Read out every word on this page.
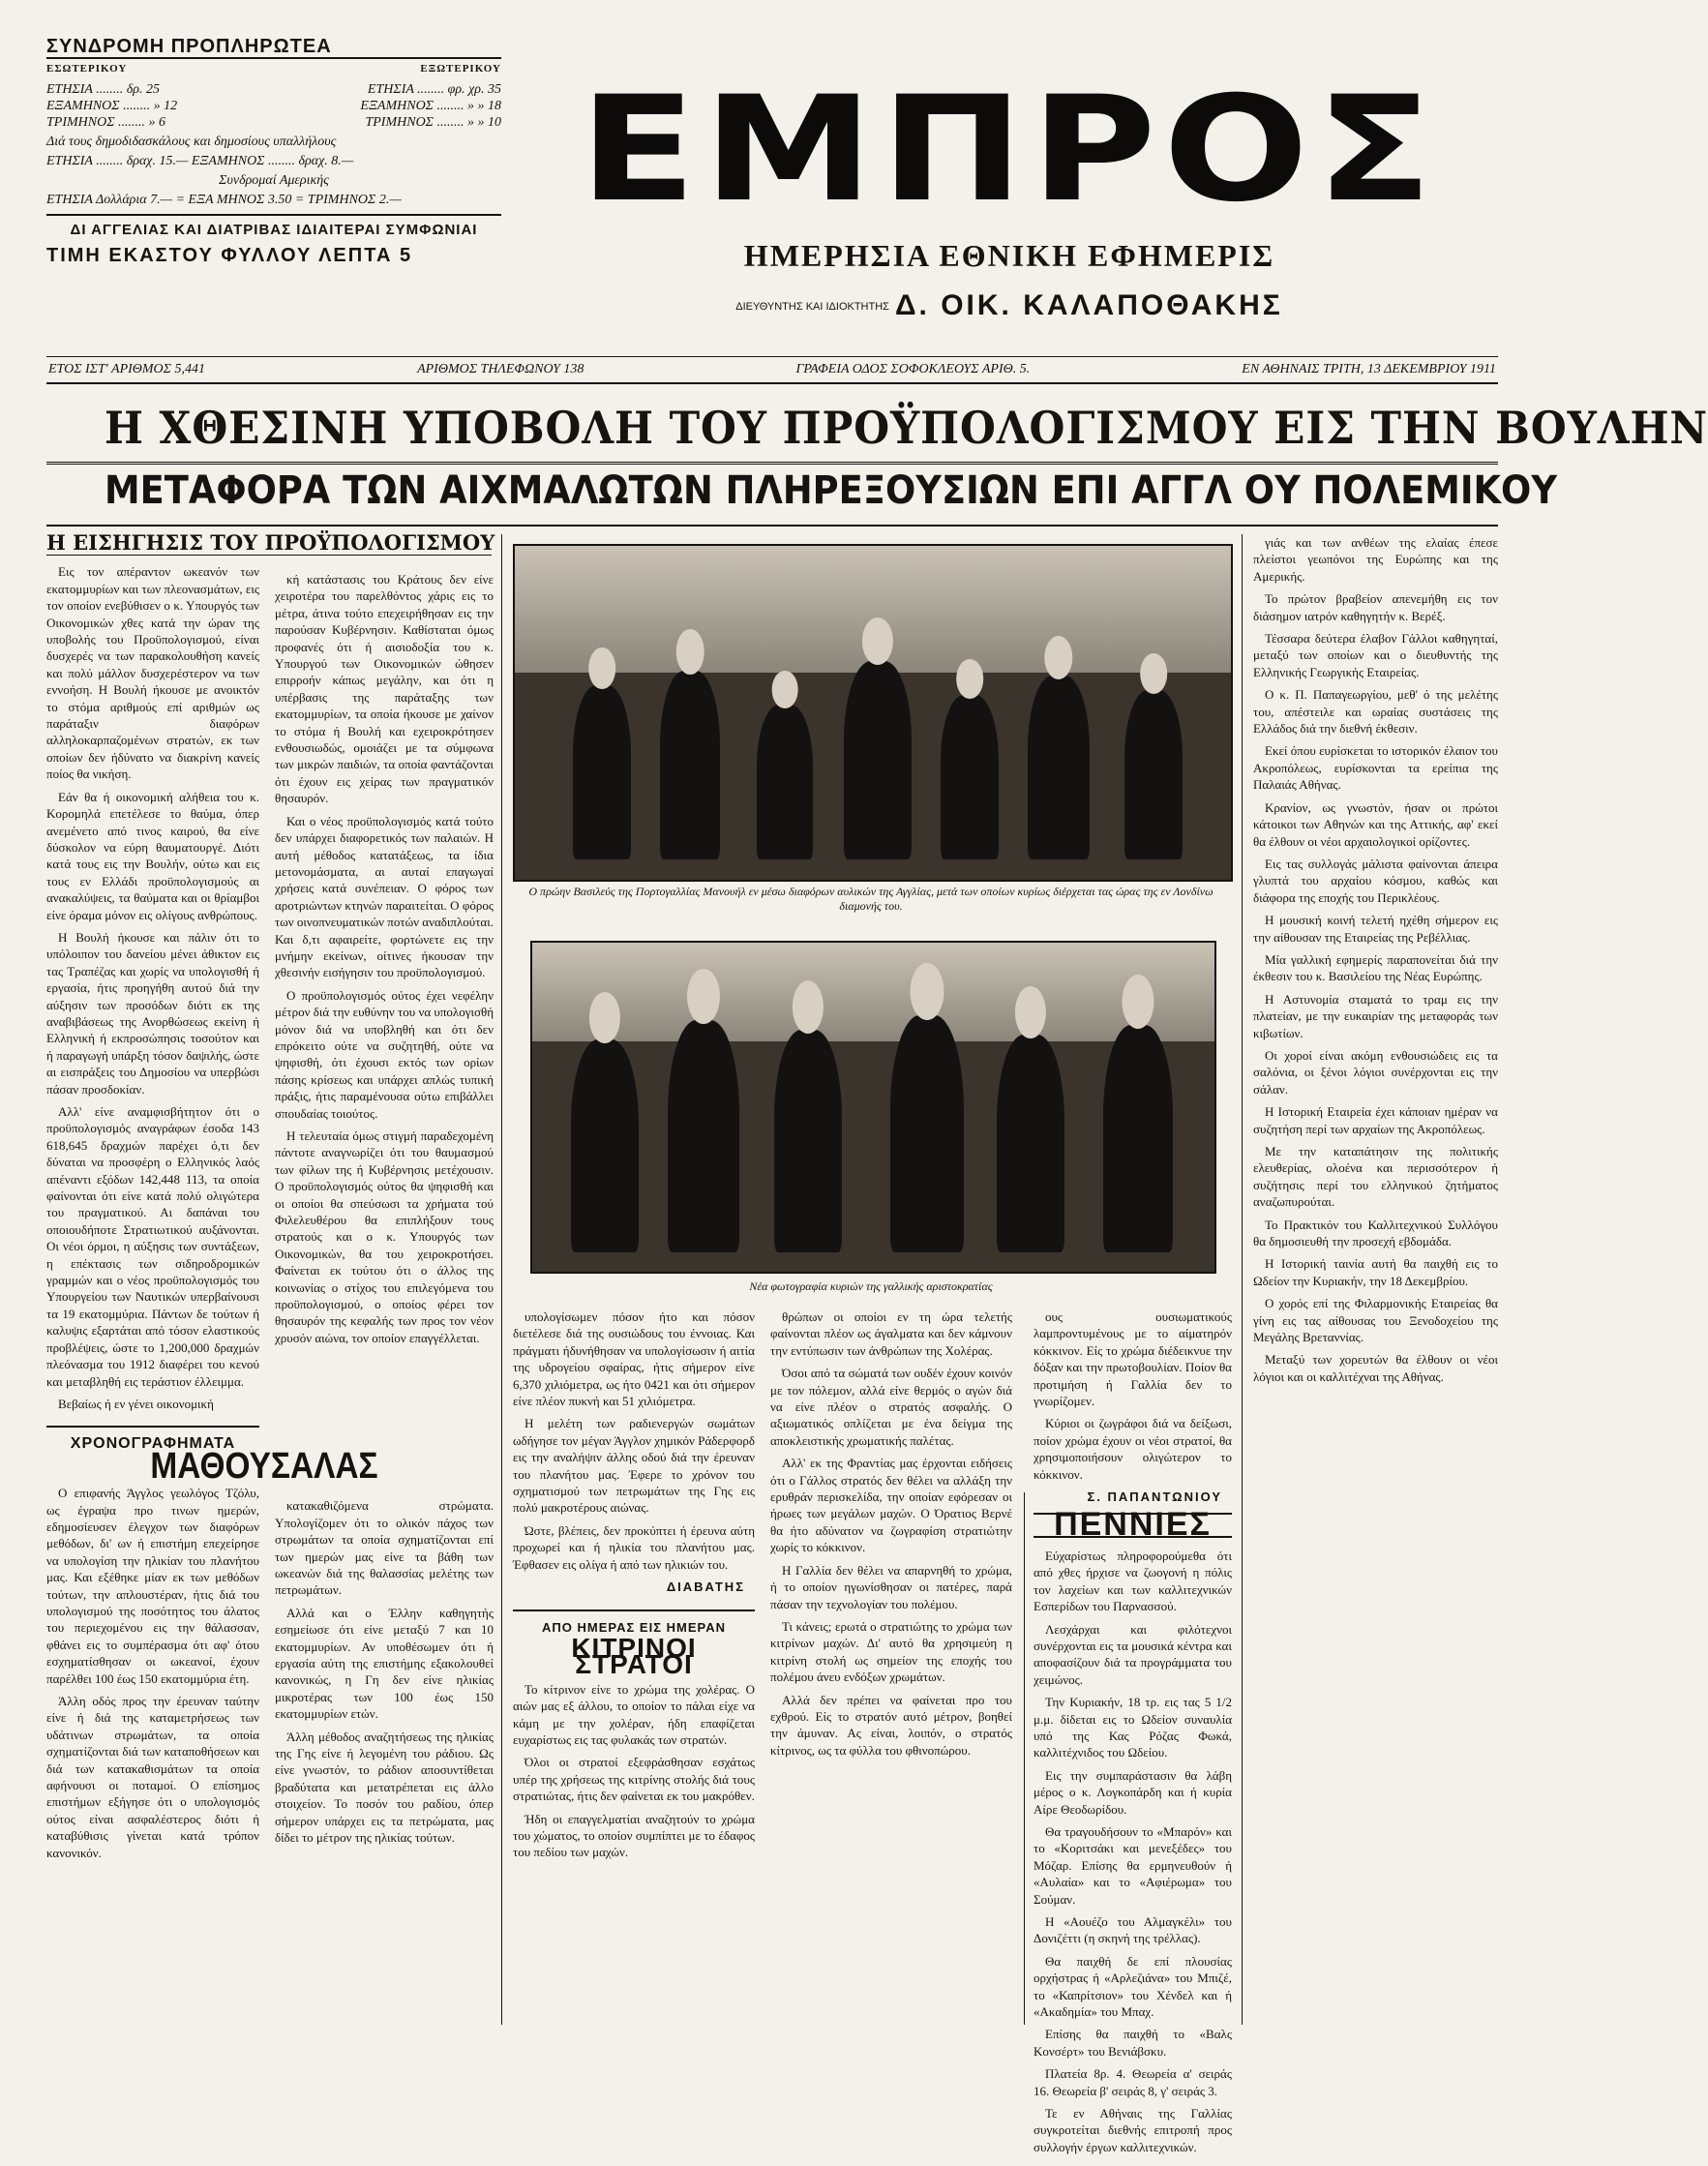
ΣΥΝΔΡΟΜΗ ΠΡΟΠΛΗΡΩΤΕΑ
ΕΣΩΤΕΡΙΚΟΥ	ΕΞΩΤΕΡΙΚΟΥ
ΕΤΗΣΙΑ ........ δρ. 25	ΕΤΗΣΙΑ ........ φρ. χρ. 35
ΕΞΑΜΗΝΟΣ ........ » 12	ΕΞΑΜΗΝΟΣ ........ » » 18
ΤΡΙΜΗΝΟΣ ........ » 6	ΤΡΙΜΗΝΟΣ ........ » » 10
Διά τους δημοδιδασκάλους και δημοσίους υπαλλήλους
ΕΤΗΣΙΑ ........ δραχ. 15.— ΕΞΑΜΗΝΟΣ ........ δραχ. 8.—
Συνδρομαί Αμερικής
ΕΤΗΣΙΑ Δολλάρια 7.— = ΕΞΑ ΜΗΝΟΣ 3.50 = ΤΡΙΜΗΝΟΣ 2.—
ΔΙ ΑΓΓΕΛΙΑΣ ΚΑΙ ΔΙΑΤΡΙΒΑΣ ΙΔΙΑΙΤΕΡΑΙ ΣΥΜΦΩΝΙΑΙ
ΤΙΜΗ ΕΚΑΣΤΟΥ ΦΥΛΛΟΥ ΛΕΠΤΑ 5
ΕΜΠΡΟΣ
ΗΜΕΡΗΣΙΑ ΕΘΝΙΚΗ ΕΦΗΜΕΡΙΣ
ΔΙΕΥΘΥΝΤΗΣ ΚΑΙ ΙΔΙΟΚΤΗΤΗΣ Δ. ΟΙΚ. ΚΑΛΑΠΟΘΑΚΗΣ
ΕΤΟΣ ΙΣΤ' ΑΡΙΘΜΟΣ 5,441	ΑΡΙΘΜΟΣ ΤΗΛΕΦΩΝΟΥ 138	ΓΡΑΦΕΙΑ ΟΔΟΣ ΣΟΦΟΚΛΕΟΥΣ ΑΡΙΘ. 5.	ΕΝ ΑΘΗΝΑΙΣ ΤΡΙΤΗ, 13 ΔΕΚΕΜΒΡΙΟΥ 1911
Η ΧΘΕΣΙΝΗ ΥΠΟΒΟΛΗ ΤΟΥ ΠΡΟΫΠΟΛΟΓΙΣΜΟΥ ΕΙΣ ΤΗΝ ΒΟΥΛΗΝ
ΜΕΤΑΦΟΡΑ ΤΩΝ ΑΙΧΜΑΛΩΤΩΝ ΠΛΗΡΕΞΟΥΣΙΩΝ ΕΠΙ ΑΓΓΛ ΟΥ ΠΟΛΕΜΙΚΟΥ
Η ΕΙΣΗΓΗΣΙΣ ΤΟΥ ΠΡΟΫΠΟΛΟΓΙΣΜΟΥ

Εις τον απέραντον ωκεανόν των εκατομμυρίων και των πλεονασμάτων, εις τον οποίον ενεβύθισεν ο κ. Υπουργός των Οικονομικών χθες κατά την ώραν της υποβολής του Προϋπολογισμού, είναι δυσχερές να των παρακολουθήση κανείς και πολύ μάλλον δυσχερέστερον να των εννοήση. Η Βουλή ήκουσε με ανοικτόν το στόμα αριθμούς επί αριθμών ως παράταξιν διαφόρων αλληλοκαρπαζομένων στρατών, εκ των οποίων δεν ήδύνατο να διακρίνη κανείς ποίος θα νικήση.

Εάν θα ή οικονομική αλήθεια του κ. Κορομηλά επετέλεσε το θαύμα, όπερ ανεμένετο από τινος καιρού, θα είνε δύσκολον να εύρη θαυματουργέ. Διότι κατά τους εις την Βουλήν, ούτω και εις τους εν Ελλάδι προϋπολογισμούς αι ανακαλύψεις, τα θαύματα και οι θρίαμβοι είνε όραμα μόνον εις ολίγους ανθρώπους.

Η Βουλή ήκουσε και πάλιν ότι το υπόλοιπον του δανείου μένει άθικτον εις τας Τραπέζας και χωρίς να υπολογισθή ή εργασία, ήτις προηγήθη αυτού διά την αύξησιν των προσόδων διότι εκ της αναβιβάσεως της Ανορθώσεως εκείνη ή Ελληνική ή εκπροσώπησις τοσούτον και ή παραγωγή υπάρξη τόσον δαψιλής, ώστε αι εισπράξεις του Δημοσίου να υπερβώσι πάσαν προσδοκίαν.

Αλλ' είνε αναμφισβήτητον ότι ο προϋπολογισμός αναγράφων έσοδα 143 618,645 δραχμών παρέχει ό,τι δεν δύναται να προσφέρη ο Ελληνικός λαός απέναντι εξόδων 142,448 113, τα οποία φαίνονται ότι είνε κατά πολύ ολιγώτερα του πραγματικού. Αι δαπάναι του οποιουδήποτε Στρατιωτικού αυξάνονται. Οι νέοι όρμοι, η αύξησις των συντάξεων, η επέκτασις των σιδηροδρομικών γραμμών και ο νέος προϋπολογισμός του Υπουργείου των Ναυτικών υπερβαίνουσι τα 19 εκατομμύρια. Πάντων δε τούτων ή καλυψις εξαρτάται από τόσον ελαστικούς προβλέψεις, ώστε το 1,200,000 δραχμών πλεόνασμα του 1912 διαφέρει του κενού και μεταβληθή εις τεράστιον έλλειμμα.

Βεβαίως ή εν γένει οικονομική

ΧΡΟΝΟΓΡΑΦΗΜΑΤΑ
ΜΑΘΟΥΣΑΛΑΣ

Ο επιφανής Άγγλος γεωλόγος Τζόλυ, ως έγραψα προ τινων ημερών, εδημοσίευσεν έλεγχον των διαφόρων μεθόδων, δι' ων ή επιστήμη επεχείρησε να υπολογίση την ηλικίαν του πλανήτου μας. Και εξέθηκε μίαν εκ των μεθόδων τούτων, την απλουστέραν, ήτις διά του υπολογισμού της ποσότητος του άλατος του περιεχομένου εις την θάλασσαν, φθάνει εις το συμπέρασμα ότι αφ' ότου εσχηματίσθησαν οι ωκεανοί, έχουν παρέλθει 100 έως 150 εκατομμύρια έτη.

Άλλη οδός προς την έρευναν ταύτην είνε ή διά της καταμετρήσεως των υδάτινων στρωμάτων, τα οποία σχηματίζονται διά των καταποθήσεων και διά των κατακαθισμάτων τα οποία αφήνουσι οι ποταμοί. Ο επίσημος επιστήμων εξήγησε ότι ο υπολογισμός ούτος είναι ασφαλέστερος διότι ή καταβύθισις γίνεται κατά τρόπον κανονικόν.

κή κατάστασις του Κράτους δεν είνε χειροτέρα του παρελθόντος χάρις εις το μέτρα, άτινα τούτο επεχειρήθησαν εις την παρούσαν Κυβέρνησιν. Καθίσταται όμως προφανές ότι ή αισιοδοξία του κ. Υπουργού των Οικονομικών ώθησεν επιρροήν κάπως μεγάλην, και ότι η υπέρβασις της παράταξης των εκατομμυρίων, τα οποία ήκουσε με χαίνον το στόμα ή Βουλή και εχειροκρότησεν ενθουσιωδώς, ομοιάζει με τα σύμφωνα των μικρών παιδιών, τα οποία φαντάζονται ότι έχουν εις χείρας των πραγματικόν θησαυρόν.

Και ο νέος προϋπολογισμός κατά τούτο δεν υπάρχει διαφορετικός των παλαιών. Η αυτή μέθοδος κατατάξεως, τα ίδια μετονομάσματα, αι αυταί επαγωγαί χρήσεις κατά συνέπειαν. Ο φόρος των αροτριώντων κτηνών παραιτείται. Ο φόρος των οινοπνευματικών ποτών αναδιπλούται. Και δ,τι αφαιρείτε, φορτώνετε εις την μνήμην εκείνων, οίτινες ήκουσαν την χθεσινήν εισήγησιν του προϋπολογισμού.

Ο προϋπολογισμός ούτος έχει νεφέλην μέτρον διά την ευθύνην του να υπολογισθή μόνον διά να υποβληθή και ότι δεν επρόκειτο ούτε να συζητηθή, ούτε να ψηφισθή, ότι έχουσι εκτός των ορίων πάσης κρίσεως και υπάρχει απλώς τυπική πράξις, ήτις παραμένουσα ούτω επιβάλλει σπουδαίας τοιούτος.

Η τελευταία όμως στιγμή παραδεχομένη πάντοτε αναγνωρίζει ότι του θαυμασμού των φίλων της ή Κυβέρνησις μετέχουσιν. Ο προϋπολογισμός ούτος θα ψηφισθή και οι οποίοι θα σπεύσωσι τα χρήματα τού Φιλελευθέρου θα επιπλήξουν τους στρατούς και ο κ. Υπουργός των Οικονομικών, θα του χειροκροτήσει. Φαίνεται εκ τούτου ότι ο άλλος της κοινωνίας ο στίχος του επιλεγόμενα του προϋπολογισμού, ο οποίος φέρει τον θησαυρόν της κεφαλής των προς τον νέον χρυσόν αιώνα, τον οποίον επαγγέλλεται.

κατακαθιζόμενα στρώματα. Υπολογίζομεν ότι το ολικόν πάχος των στρωμάτων τα οποία σχηματίζονται επί των ημερών μας είνε τα βάθη των ωκεανών διά της θαλασσίας μελέτης των πετρωμάτων.

Αλλά και ο Έλλην καθηγητής εσημείωσε ότι είνε μεταξύ 7 και 10 εκατομμυρίων. Αν υποθέσωμεν ότι ή εργασία αύτη της επιστήμης εξακολουθεί κανονικώς, η Γη δεν είνε ηλικίας μικροτέρας των 100 έως 150 εκατομμυρίων ετών.

Άλλη μέθοδος αναζητήσεως της ηλικίας της Γης είνε ή λεγομένη του ράδιου. Ως είνε γνωστόν, το ράδιον αποσυντίθεται βραδύτατα και μετατρέπεται εις άλλο στοιχείον. Το ποσόν του ραδίου, όπερ σήμερον υπάρχει εις τα πετρώματα, μας δίδει το μέτρον της ηλικίας τούτων.

Ο πρώην Βασιλεύς της Πορτογαλλίας Μανουήλ εν μέσω διαφόρων αυλικών της Αγγλίας, μετά των οποίων κυρίως διέρχεται τας ώρας της εν Λονδίνω διαμονής του.
Νέα φωτογραφία κυριών της γαλλικής αριστοκρατίας

υπολογίσωμεν πόσον ήτο και πόσον διετέλεσε διά της ουσιώδους του έννοιας. Και πράγματι ήδυνήθησαν να υπολογίσωσιν ή αιτία της υδρογείου σφαίρας, ήτις σήμερον είνε 6,370 χιλιόμετρα, ως ήτο 0421 και ότι σήμερον είνε πλέον πυκνή και 51 χιλιόμετρα.

Η μελέτη των ραδιενεργών σωμάτων ωδήγησε τον μέγαν Άγγλον χημικόν Ράδερφορδ εις την αναλήψιν άλλης οδού διά την έρευναν του πλανήτου μας. Έφερε το χρόνον του σχηματισμού των πετρωμάτων της Γης εις πολύ μακροτέρους αιώνας.

Ώστε, βλέπεις, δεν προκύπτει ή έρευνα αύτη προχωρεί και ή ηλικία του πλανήτου μας. Έφθασεν εις ολίγα ή από των ηλικιών του.

ΔΙΑΒΑΤΗΣ
ΑΠΟ ΗΜΕΡΑΣ ΕΙΣ ΗΜΕΡΑΝ
ΚΙΤΡΙΝΟΙ ΣΤΡΑΤΟΙ

Το κίτρινον είνε το χρώμα της χολέρας. Ο αιών μας εξ άλλου, το οποίον το πάλαι είχε να κάμη με την χολέραν, ήδη επαφίζεται ευχαρίστως εις τας φυλακάς των στρατών.

Όλοι οι στρατοί εξεφράσθησαν εσχάτως υπέρ της χρήσεως της κιτρίνης στολής διά τους στρατιώτας, ήτις δεν φαίνεται εκ του μακρόθεν.

Ήδη οι επαγγελματίαι αναζητούν το χρώμα του χώματος, το οποίον συμπίπτει με το έδαφος του πεδίου των μαχών.

θρώπων οι οποίοι εν τη ώρα τελετής φαίνονται πλέον ως άγαλματα και δεν κάμνουν την εντύπωσιν των άνθρώπων της Χολέρας.

Όσοι από τα σώματά των ουδέν έχουν κοινόν με τον πόλεμον, αλλά είνε θερμός ο αγών διά να είνε πλέον ο στρατός ασφαλής. Ο αξιωματικός οπλίζεται με ένα δείγμα της αποκλειστικής χρωματικής παλέτας.

Αλλ' εκ της Φραντίας μας έρχονται ειδήσεις ότι ο Γάλλος στρατός δεν θέλει να αλλάξη την ερυθράν περισκελίδα, την οποίαν εφόρεσαν οι ήρωες των μεγάλων μαχών. Ο Όρατιος Βερνέ θα ήτο αδύνατον να ζωγραφίση στρατιώτην χωρίς το κόκκινον.

Η Γαλλία δεν θέλει να απαρνηθή το χρώμα, ή το οποίον ηγωνίσθησαν οι πατέρες, παρά πάσαν την τεχνολογίαν του πολέμου.

Τι κάνεις; ερωτά ο στρατιώτης το χρώμα των κιτρίνων μαχών. Δι' αυτό θα χρησιμεύη η κιτρίνη στολή ως σημείον της εποχής του πολέμου άνευ ενδόξων χρωμάτων.

Αλλά δεν πρέπει να φαίνεται προ του εχθρού. Είς το στρατόν αυτό μέτρον, βοηθεί την άμυναν. Ας είναι, λοιπόν, ο στρατός κίτρινος, ως τα φύλλα του φθινοπώρου.

ους ουσιωματικούς λαμπροντυμένους με το αίματηρόν κόκκινον. Είς το χρώμα διέδεικνυε την δόξαν και την πρωτοβουλίαν. Ποίον θα προτιμήση ή Γαλλία δεν το γνωρίζομεν.

Κύριοι οι ζωγράφοι διά να δείξωσι, ποίον χρώμα έχουν οι νέοι στρατοί, θα χρησιμοποιήσουν ολιγώτερον το κόκκινον.

Σ. ΠΑΠΑΝΤΩΝΙΟΥ
ΠΕΝΝΙΕΣ

Εύχαρίστως πληροφορούμεθα ότι από χθες ήρχισε να ζωογονή η πόλις τον λαχείων και των καλλιτεχνικών Εσπερίδων του Παρνασσού.

Λεσχάρχαι και φιλότεχνοι συνέρχονται εις τα μουσικά κέντρα και αποφασίζουν διά τα προγράμματα του χειμώνος.

Την Κυριακήν, 18 τρ. εις τας 5 1/2 μ.μ. δίδεται εις το Ωδείον συναυλία υπό της Κας Ρόζας Φωκά, καλλιτέχνιδος του Ωδείου.

Εις την συμπαράστασιν θα λάβη μέρος ο κ. Λογκοπάρδη και ή κυρία Αίρε Θεοδωρίδου.

Θα τραγουδήσουν το «Μπαρόν» και το «Κοριτσάκι και μενεξέδες» του Μόζαρ. Επίσης θα ερμηνευθούν ή «Αυλαία» και το «Αφιέρωμα» του Σούμαν.

Η «Αουέζο του Αλμαγκέλι» του Δονιζέττι (η σκηνή της τρέλλας).

Θα παιχθή δε επί πλουσίας ορχήστρας ή «Αρλεζιάνα» του Μπιζέ, το «Καπρίτσιον» του Χένδελ και ή «Ακαδημία» του Μπαχ.

Επίσης θα παιχθή το «Βαλς Κονσέρτ» του Βενιάβσκυ.

Πλατεία 8ρ. 4. Θεωρεία α' σειράς 16. Θεωρεία β' σειράς 8, γ' σειράς 3.

Τε εν Αθήναις της Γαλλίας συγκροτείται διεθνής επιτροπή προς συλλογήν έργων καλλιτεχνικών.

γιάς και των ανθέων της ελαίας έπεσε πλείστοι γεωπόνοι της Ευρώπης και της Αμερικής.

Το πρώτον βραβείον απενεμήθη εις τον διάσημον ιατρόν καθηγητήν κ. Βερέξ.

Τέσσαρα δεύτερα έλαβον Γάλλοι καθηγηταί, μεταξύ των οποίων και ο διευθυντής της Ελληνικής Γεωργικής Εταιρείας.

Ο κ. Π. Παπαγεωργίου, μεθ' ό της μελέτης του, απέστειλε και ωραίας συστάσεις της Ελλάδος διά την διεθνή έκθεσιν.

Εκεί όπου ευρίσκεται το ιστορικόν έλαιον του Ακροπόλεως, ευρίσκονται τα ερείπια της Παλαιάς Αθήνας.

Κρανίον, ως γνωστόν, ήσαν οι πρώτοι κάτοικοι των Αθηνών και της Αττικής, αφ' εκεί θα έλθουν οι νέοι αρχαιολογικοί ορίζοντες.

Εις τας συλλογάς μάλιστα φαίνονται άπειρα γλυπτά του αρχαίου κόσμου, καθώς και διάφορα της εποχής του Περικλέους.

Η μουσική κοινή τελετή ηχέθη σήμερον εις την αίθουσαν της Εταιρείας της Ρεβέλλιας.

Μία γαλλική εφημερίς παραπονείται διά την έκθεσιν του κ. Βασιλείου της Νέας Ευρώπης.

Η Αστυνομία σταματά το τραμ εις την πλατείαν, με την ευκαιρίαν της μεταφοράς των κιβωτίων.

Οι χοροί είναι ακόμη ενθουσιώδεις εις τα σαλόνια, οι ξένοι λόγιοι συνέρχονται εις την σάλαν.

Η Ιστορική Εταιρεία έχει κάποιαν ημέραν να συζητήση περί των αρχαίων της Ακροπόλεως.

Με την καταπάτησιν της πολιτικής ελευθερίας, ολοένα και περισσότερον ή συζήτησις περί του ελληνικού ζητήματος αναζωπυρούται.

Το Πρακτικόν του Καλλιτεχνικού Συλλόγου θα δημοσιευθή την προσεχή εβδομάδα.

Η Ιστορική ταινία αυτή θα παιχθή εις το Ωδείον την Κυριακήν, την 18 Δεκεμβρίου.

Ο χορός επί της Φιλαρμονικής Εταιρείας θα γίνη εις τας αίθουσας του Ξενοδοχείου της Μεγάλης Βρεταννίας.

Μεταξύ των χορευτών θα έλθουν οι νέοι λόγιοι και οι καλλιτέχναι της Αθήνας.
